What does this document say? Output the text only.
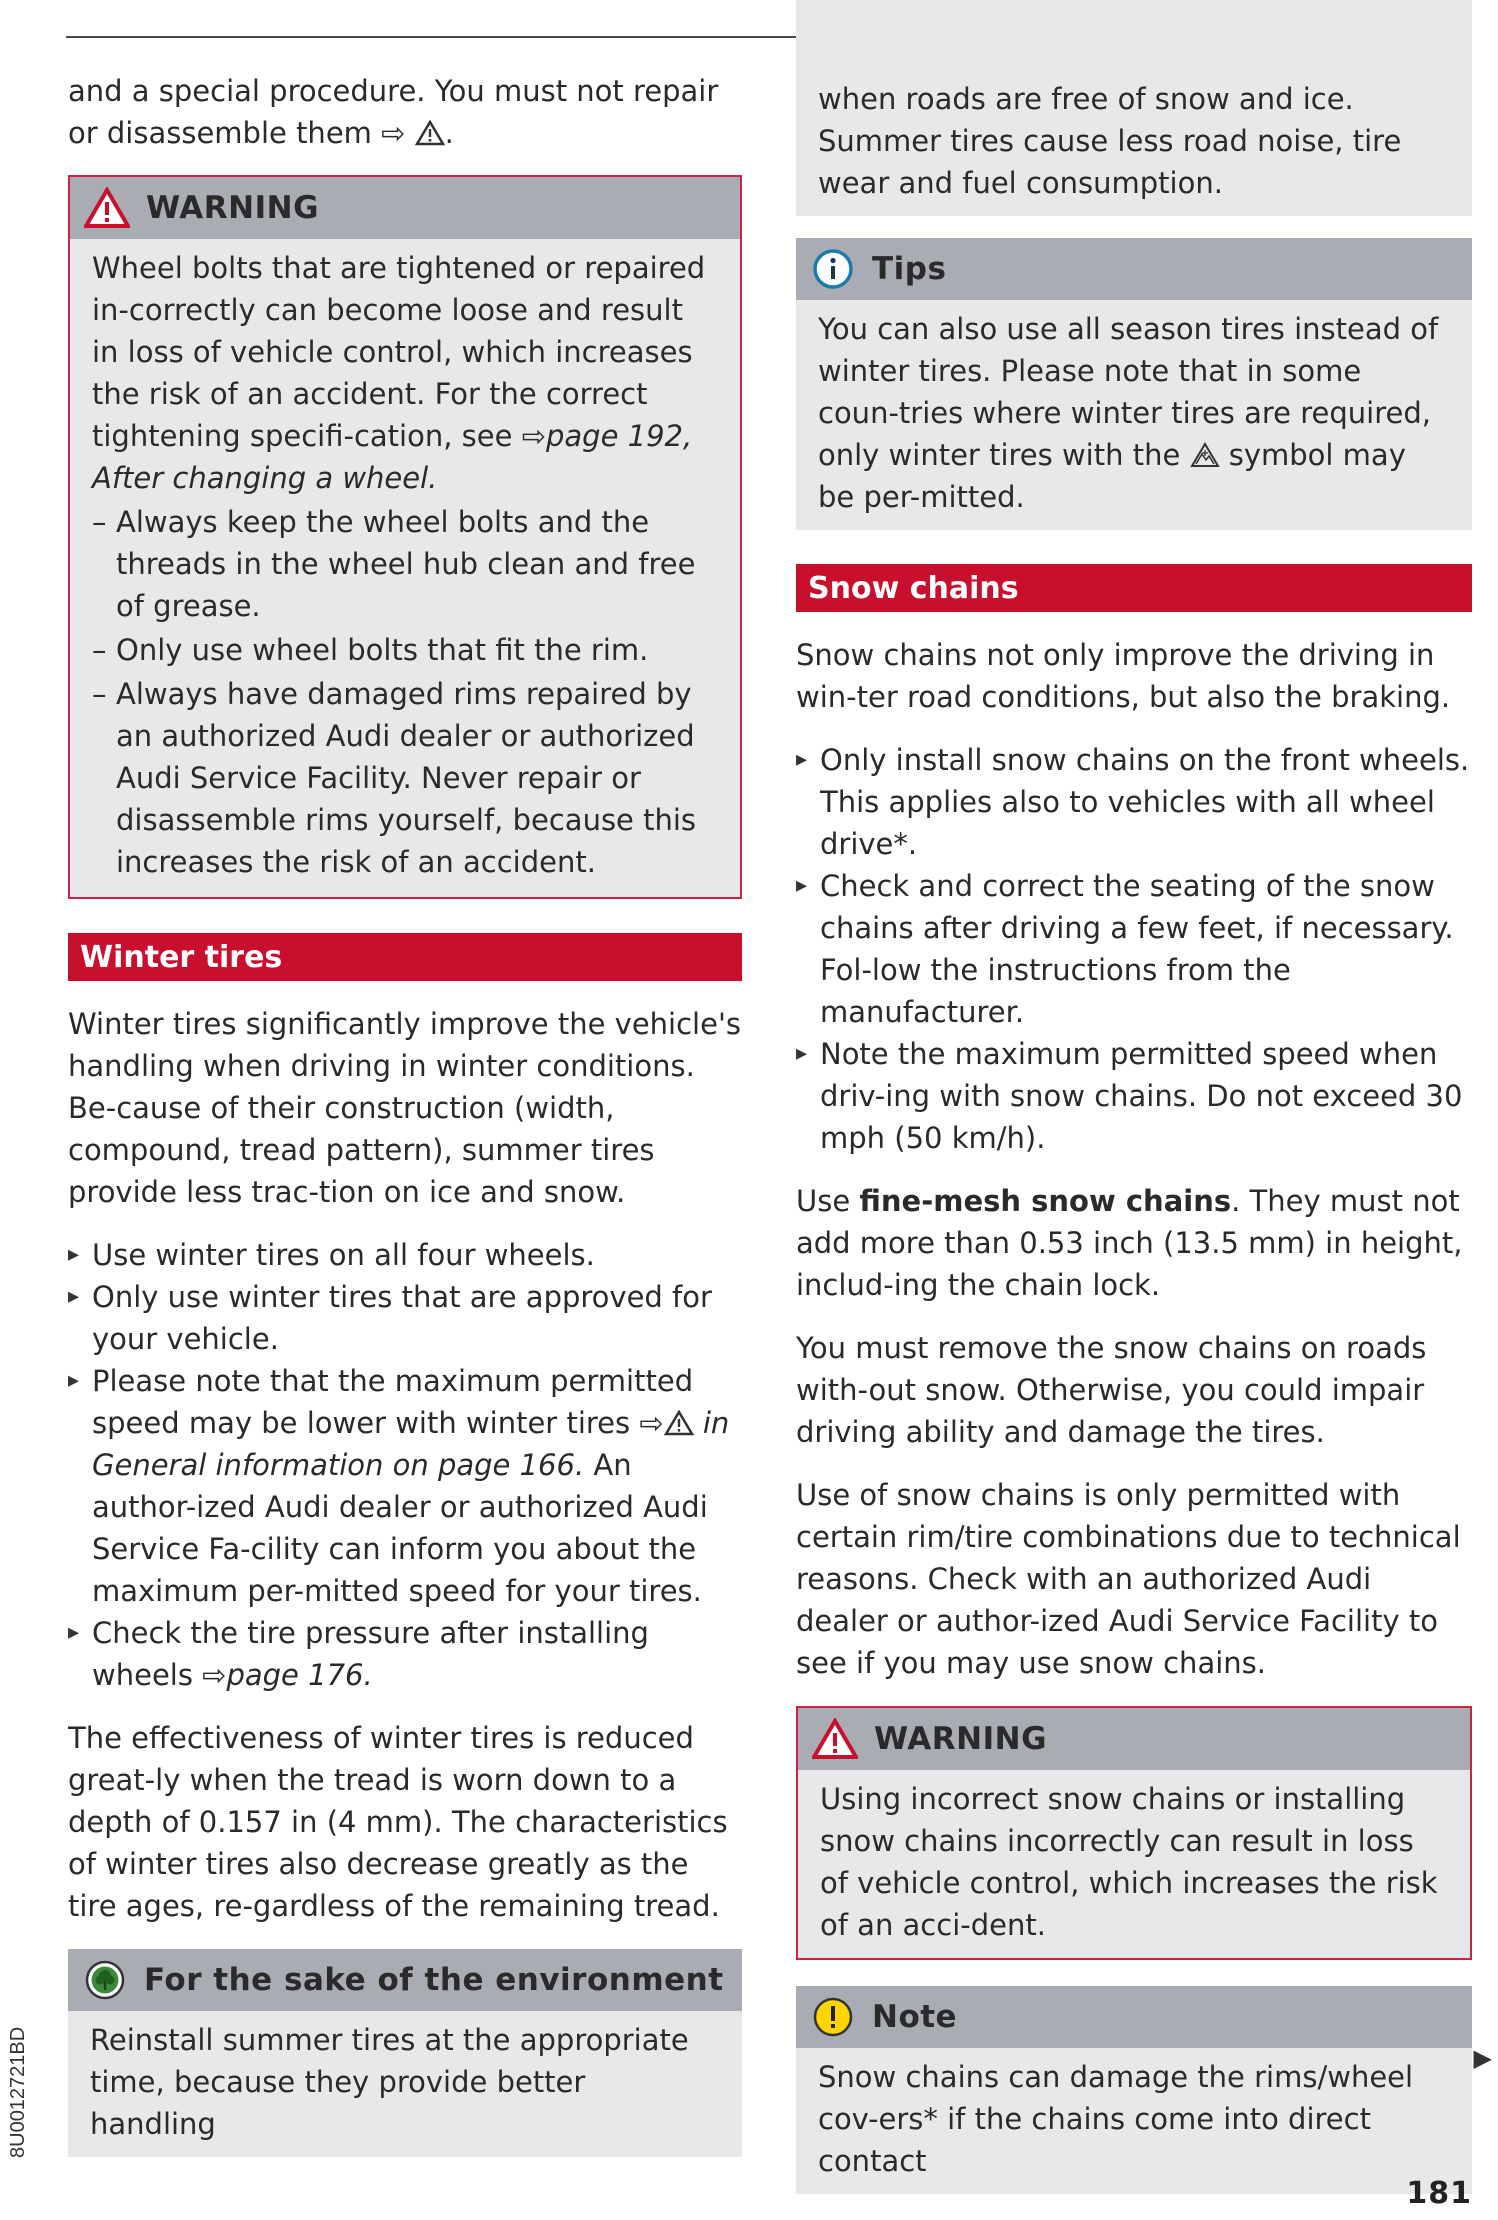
and a special procedure. You must not repair or disassemble them ⇨ .

WARNING

Wheel bolts that are tightened or repaired in-correctly can become loose and result in loss of vehicle control, which increases the risk of an accident. For the correct tightening specifi-cation, see ⇨page 192, After changing a wheel.

– Always keep the wheel bolts and the threads in the wheel hub clean and free of grease.
– Only use wheel bolts that fit the rim.
– Always have damaged rims repaired by an authorized Audi dealer or authorized Audi Service Facility. Never repair or disassemble rims yourself, because this increases the risk of an accident.
Winter tires

Winter tires significantly improve the vehicle's handling when driving in winter conditions. Be-cause of their construction (width, compound, tread pattern), summer tires provide less trac-tion on ice and snow.

▸ Use winter tires on all four wheels.
▸ Only use winter tires that are approved for your vehicle.
▸ Please note that the maximum permitted speed may be lower with winter tires ⇨ in General information on page 166. An author-ized Audi dealer or authorized Audi Service Fa-cility can inform you about the maximum per-mitted speed for your tires.
▸ Check the tire pressure after installing wheels ⇨page 176.

The effectiveness of winter tires is reduced great-ly when the tread is worn down to a depth of 0.157 in (4 mm). The characteristics of winter tires also decrease greatly as the tire ages, re-gardless of the remaining tread.

For the sake of the environment

Reinstall summer tires at the appropriate time, because they provide better handling

when roads are free of snow and ice. Summer tires cause less road noise, tire wear and fuel consumption.

Tips

You can also use all season tires instead of winter tires. Please note that in some coun-tries where winter tires are required, only winter tires with the  symbol may be per-mitted.

Snow chains

Snow chains not only improve the driving in win-ter road conditions, but also the braking.

▸ Only install snow chains on the front wheels. This applies also to vehicles with all wheel drive*.
▸ Check and correct the seating of the snow chains after driving a few feet, if necessary. Fol-low the instructions from the manufacturer.
▸ Note the maximum permitted speed when driv-ing with snow chains. Do not exceed 30 mph (50 km/h).

Use fine-mesh snow chains. They must not add more than 0.53 inch (13.5 mm) in height, includ-ing the chain lock.

You must remove the snow chains on roads with-out snow. Otherwise, you could impair driving ability and damage the tires.

Use of snow chains is only permitted with certain rim/tire combinations due to technical reasons. Check with an authorized Audi dealer or author-ized Audi Service Facility to see if you may use snow chains.

WARNING

Using incorrect snow chains or installing snow chains incorrectly can result in loss of vehicle control, which increases the risk of an acci-dent.

Note

Snow chains can damage the rims/wheel cov-ers* if the chains come into direct contact

▶
8U0012721BD
181
